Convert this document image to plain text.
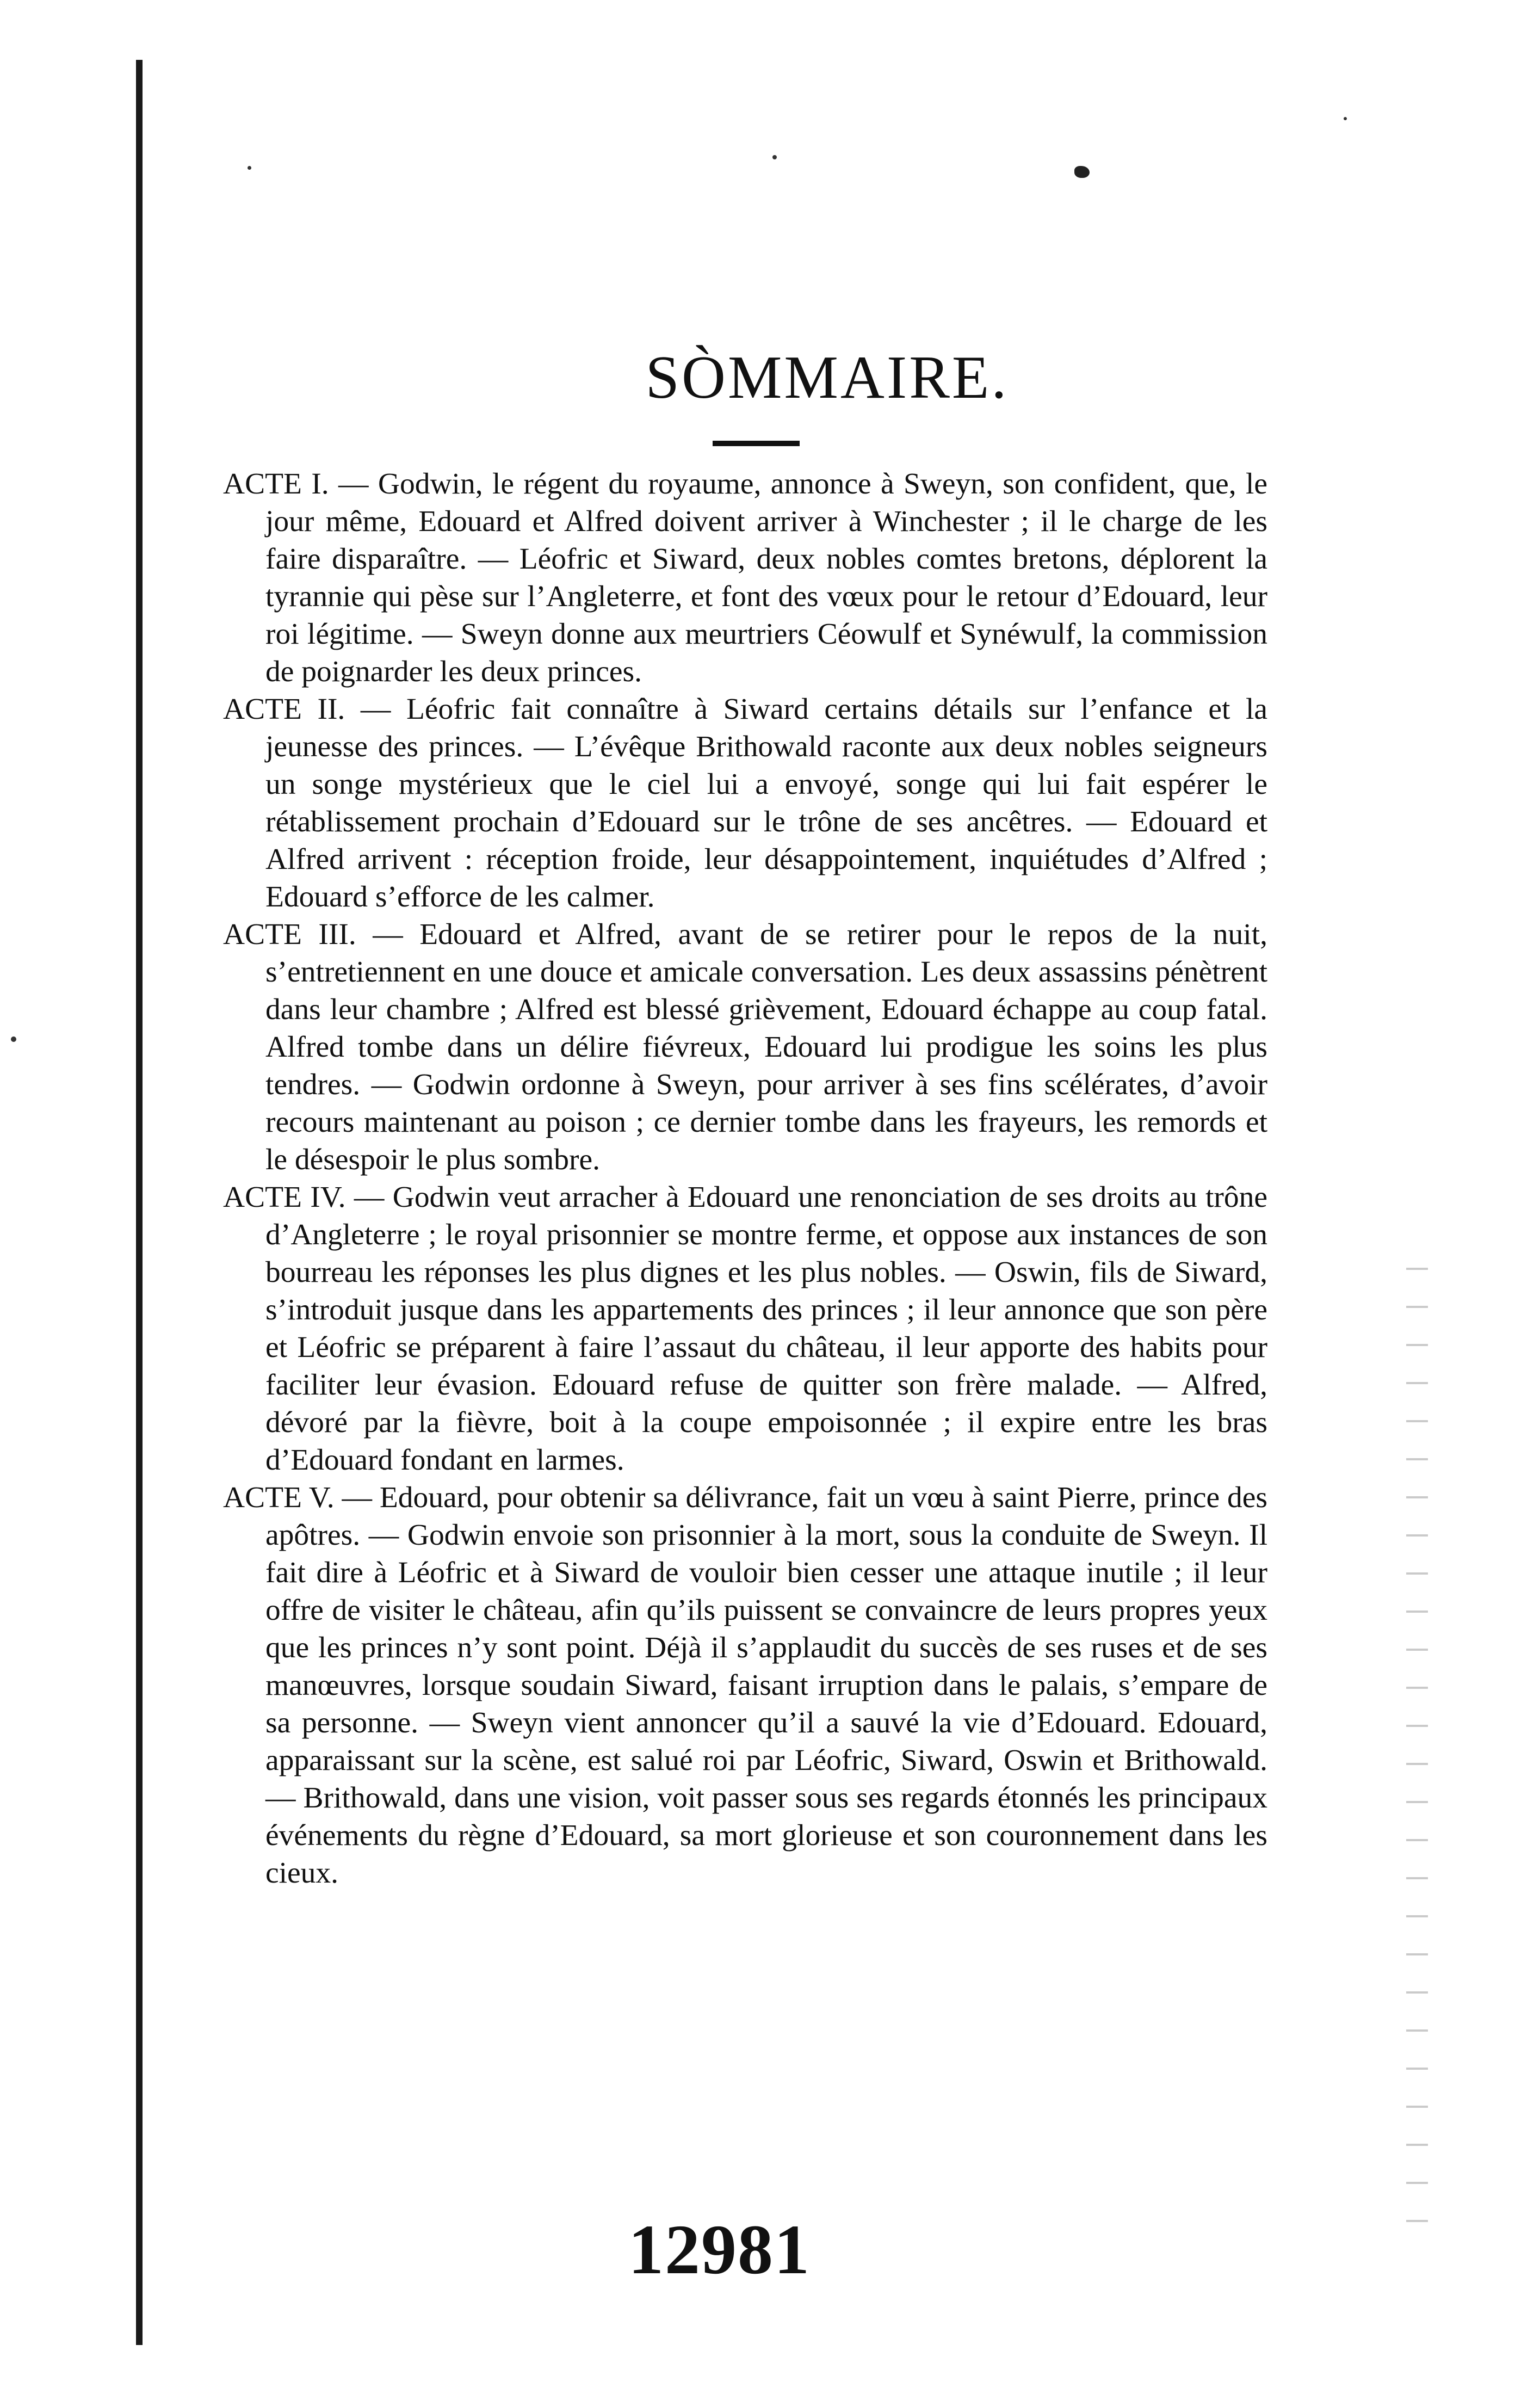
SÒMMAIRE.

ACTE I. — Godwin, le régent du royaume, annonce à Sweyn, son confident, que, le jour même, Edouard et Alfred doivent arriver à Winchester ; il le charge de les faire disparaître. — Léofric et Siward, deux nobles comtes bretons, déplorent la tyrannie qui pèse sur l’Angleterre, et font des vœux pour le retour d’Edouard, leur roi légitime. — Sweyn donne aux meurtriers Céowulf et Synéwulf, la commission de poignarder les deux princes.

ACTE II. — Léofric fait connaître à Siward certains détails sur l’enfance et la jeunesse des princes. — L’évêque Brithowald raconte aux deux nobles seigneurs un songe mystérieux que le ciel lui a envoyé, songe qui lui fait espérer le rétablissement prochain d’Edouard sur le trône de ses ancêtres. — Edouard et Alfred arrivent : réception froide, leur désappointement, inquiétudes d’Alfred ; Edouard s’efforce de les calmer.

ACTE III. — Edouard et Alfred, avant de se retirer pour le repos de la nuit, s’entretiennent en une douce et amicale conversation. Les deux assassins pénètrent dans leur chambre ; Alfred est blessé grièvement, Edouard échappe au coup fatal. Alfred tombe dans un délire fiévreux, Edouard lui prodigue les soins les plus tendres. — Godwin ordonne à Sweyn, pour arriver à ses fins scélérates, d’avoir recours maintenant au poison ; ce dernier tombe dans les frayeurs, les remords et le désespoir le plus sombre.

ACTE IV. — Godwin veut arracher à Edouard une renonciation de ses droits au trône d’Angleterre ; le royal prisonnier se montre ferme, et oppose aux instances de son bourreau les réponses les plus dignes et les plus nobles. — Oswin, fils de Siward, s’introduit jusque dans les appartements des princes ; il leur annonce que son père et Léofric se préparent à faire l’assaut du château, il leur apporte des habits pour faciliter leur évasion. Edouard refuse de quitter son frère malade. — Alfred, dévoré par la fièvre, boit à la coupe empoisonnée ; il expire entre les bras d’Edouard fondant en larmes.

ACTE V. — Edouard, pour obtenir sa délivrance, fait un vœu à saint Pierre, prince des apôtres. — Godwin envoie son prisonnier à la mort, sous la conduite de Sweyn. Il fait dire à Léofric et à Siward de vouloir bien cesser une attaque inutile ; il leur offre de visiter le château, afin qu’ils puissent se convaincre de leurs propres yeux que les princes n’y sont point. Déjà il s’applaudit du succès de ses ruses et de ses manœuvres, lorsque soudain Siward, faisant irruption dans le palais, s’empare de sa personne. — Sweyn vient annoncer qu’il a sauvé la vie d’Edouard. Edouard, apparaissant sur la scène, est salué roi par Léofric, Siward, Oswin et Brithowald. — Brithowald, dans une vision, voit passer sous ses regards étonnés les principaux événements du règne d’Edouard, sa mort glorieuse et son couronnement dans les cieux.

12981
